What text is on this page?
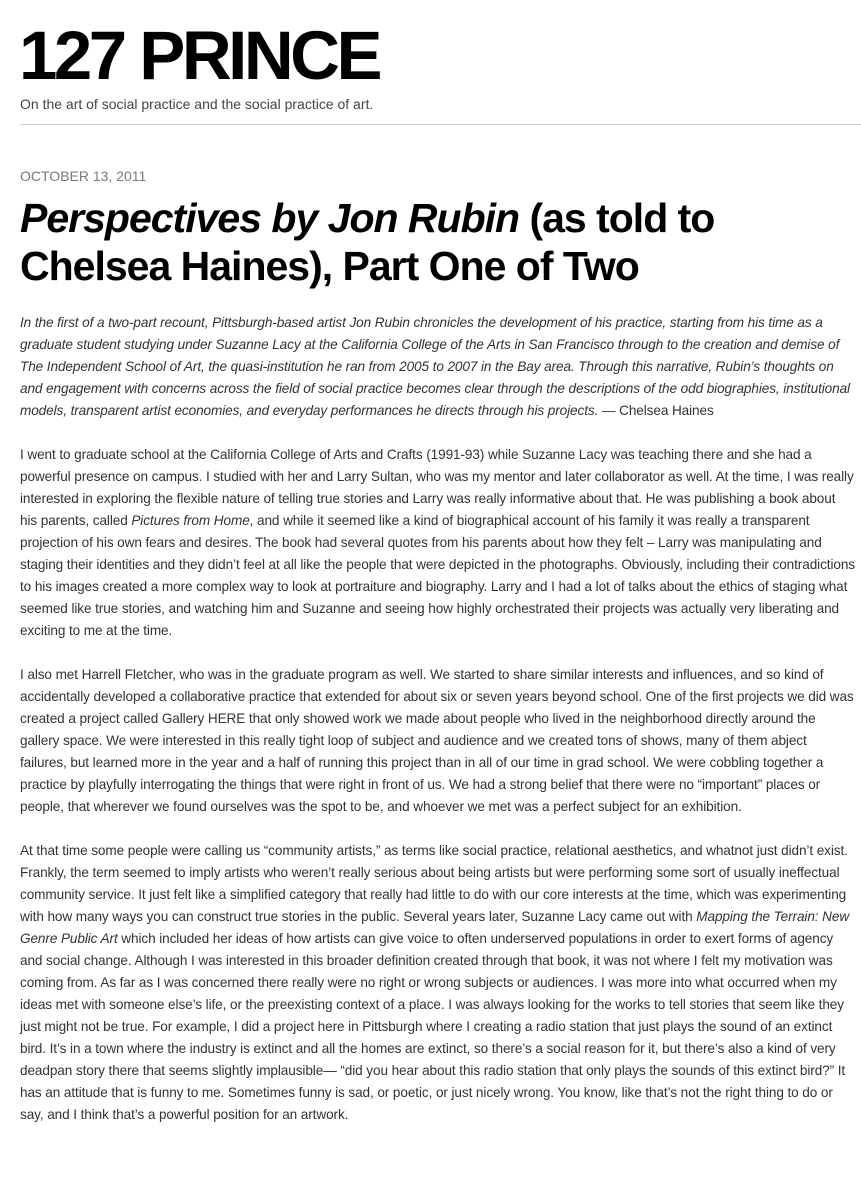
127 PRINCE
On the art of social practice and the social practice of art.
OCTOBER 13, 2011
Perspectives by Jon Rubin (as told to Chelsea Haines), Part One of Two

In the first of a two-part recount, Pittsburgh-based artist Jon Rubin chronicles the development of his practice, starting from his time as a graduate student studying under Suzanne Lacy at the California College of the Arts in San Francisco through to the creation and demise of The Independent School of Art, the quasi-institution he ran from 2005 to 2007 in the Bay area. Through this narrative, Rubin’s thoughts on and engagement with concerns across the field of social practice becomes clear through the descriptions of the odd biographies, institutional models, transparent artist economies, and everyday performances he directs through his projects. — Chelsea Haines

I went to graduate school at the California College of Arts and Crafts (1991-93) while Suzanne Lacy was teaching there and she had a powerful presence on campus. I studied with her and Larry Sultan, who was my mentor and later collaborator as well. At the time, I was really interested in exploring the flexible nature of telling true stories and Larry was really informative about that. He was publishing a book about his parents, called Pictures from Home, and while it seemed like a kind of biographical account of his family it was really a transparent projection of his own fears and desires. The book had several quotes from his parents about how they felt – Larry was manipulating and staging their identities and they didn’t feel at all like the people that were depicted in the photographs. Obviously, including their contradictions to his images created a more complex way to look at portraiture and biography. Larry and I had a lot of talks about the ethics of staging what seemed like true stories, and watching him and Suzanne and seeing how highly orchestrated their projects was actually very liberating and exciting to me at the time.

I also met Harrell Fletcher, who was in the graduate program as well. We started to share similar interests and influences, and so kind of accidentally developed a collaborative practice that extended for about six or seven years beyond school. One of the first projects we did was created a project called Gallery HERE that only showed work we made about people who lived in the neighborhood directly around the gallery space. We were interested in this really tight loop of subject and audience and we created tons of shows, many of them abject failures, but learned more in the year and a half of running this project than in all of our time in grad school. We were cobbling together a practice by playfully interrogating the things that were right in front of us. We had a strong belief that there were no “important” places or people, that wherever we found ourselves was the spot to be, and whoever we met was a perfect subject for an exhibition.

At that time some people were calling us “community artists,” as terms like social practice, relational aesthetics, and whatnot just didn’t exist. Frankly, the term seemed to imply artists who weren’t really serious about being artists but were performing some sort of usually ineffectual community service. It just felt like a simplified category that really had little to do with our core interests at the time, which was experimenting with how many ways you can construct true stories in the public. Several years later, Suzanne Lacy came out with Mapping the Terrain: New Genre Public Art which included her ideas of how artists can give voice to often underserved populations in order to exert forms of agency and social change. Although I was interested in this broader definition created through that book, it was not where I felt my motivation was coming from. As far as I was concerned there really were no right or wrong subjects or audiences. I was more into what occurred when my ideas met with someone else’s life, or the preexisting context of a place. I was always looking for the works to tell stories that seem like they just might not be true. For example, I did a project here in Pittsburgh where I creating a radio station that just plays the sound of an extinct bird. It’s in a town where the industry is extinct and all the homes are extinct, so there’s a social reason for it, but there’s also a kind of very deadpan story there that seems slightly implausible— “did you hear about this radio station that only plays the sounds of this extinct bird?” It has an attitude that is funny to me. Sometimes funny is sad, or poetic, or just nicely wrong. You know, like that’s not the right thing to do or say, and I think that’s a powerful position for an artwork.
